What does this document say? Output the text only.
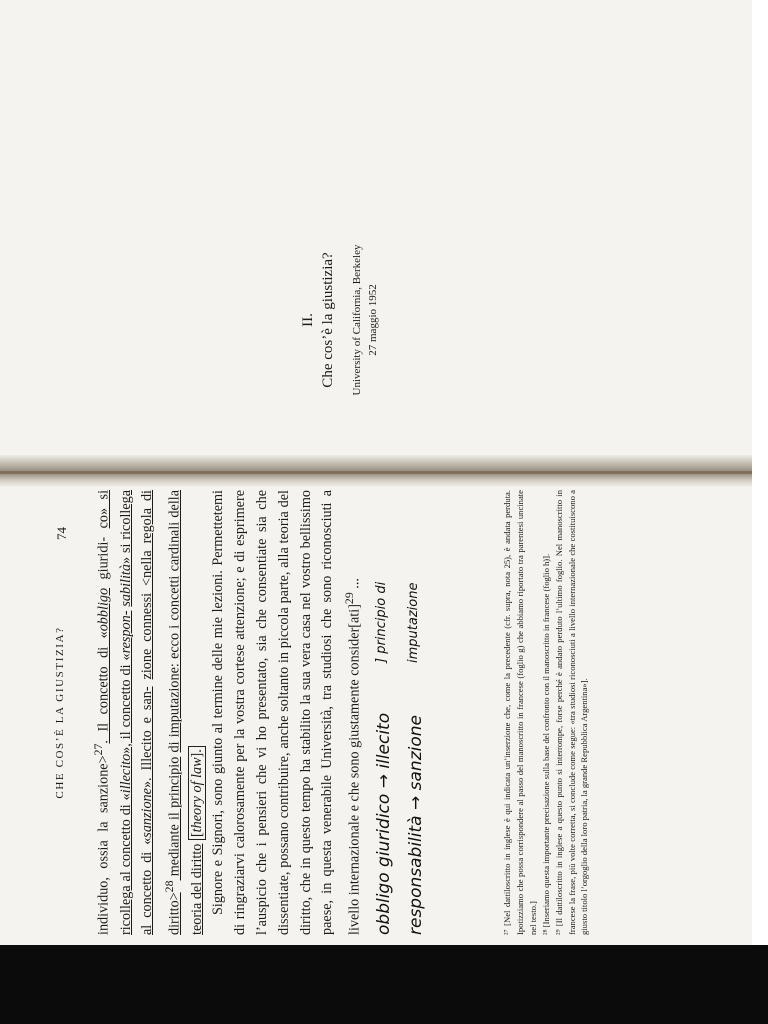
II. Che cos’è la giustizia? University of California, Berkeley 27 maggio 1952
74
CHE COS’È LA GIUSTIZIA?

individuo, ossia la sanzione>$^{27}$. Il concetto di «obbligo giuridi- co» si ricollega al concetto di «illecito», il concetto di «respon- sabilità» si ricollega al concetto di «sanzione». Illecito e san- zione connessi <nella regola di diritto>$^{28}$ mediante il principio di imputazione: ecco i concetti cardinali della teoria del diritto [theory of law]. Signore e Signori, sono giunto al termine delle mie lezioni. Permettetemi di ringraziarvi calorosamente per la vostra cortese attenzione; e di esprimere l’auspicio che i pensieri che vi ho presentato, sia che consentiate sia che dissentiate, possano contribuire, anche soltanto in piccola parte, alla teoria del diritto, che in questo tempo ha stabilito la sua vera casa nel vostro bellissimo paese, in questa venerabile Università, tra studiosi che sono riconosciuti a livello internazionale e che sono giustamente consider[ati]$^{29}$ ...

obbligo giuridico → illecito
] principio di
responsabilità → sanzione
imputazione	²⁷ [Nel dattiloscritto in inglese è qui indicata un’inserzione che, come la precedente (cfr. supra, nota 25), è andata perduta. Ipotizziamo che possa corrispondere al passo del manoscritto in francese (foglio g) che abbiamo riportato tra parentesi uncinate nel testo.] ²⁸ [Inseriamo questa importante precisazione sulla base del confronto con il manoscritto in francese (foglio h)]. ²⁹ [Il dattiloscritto in inglese a questo punto si interrompe, forse perché è andato perduto l’ultimo foglio. Nel manoscritto in francese la frase, più volte corretta, si conclude come segue: «tra studiosi riconosciuti a livello internazionale che costituiscono a giusto titolo l’orgoglio della loro patria, la grande Repubblica Argentina»].
